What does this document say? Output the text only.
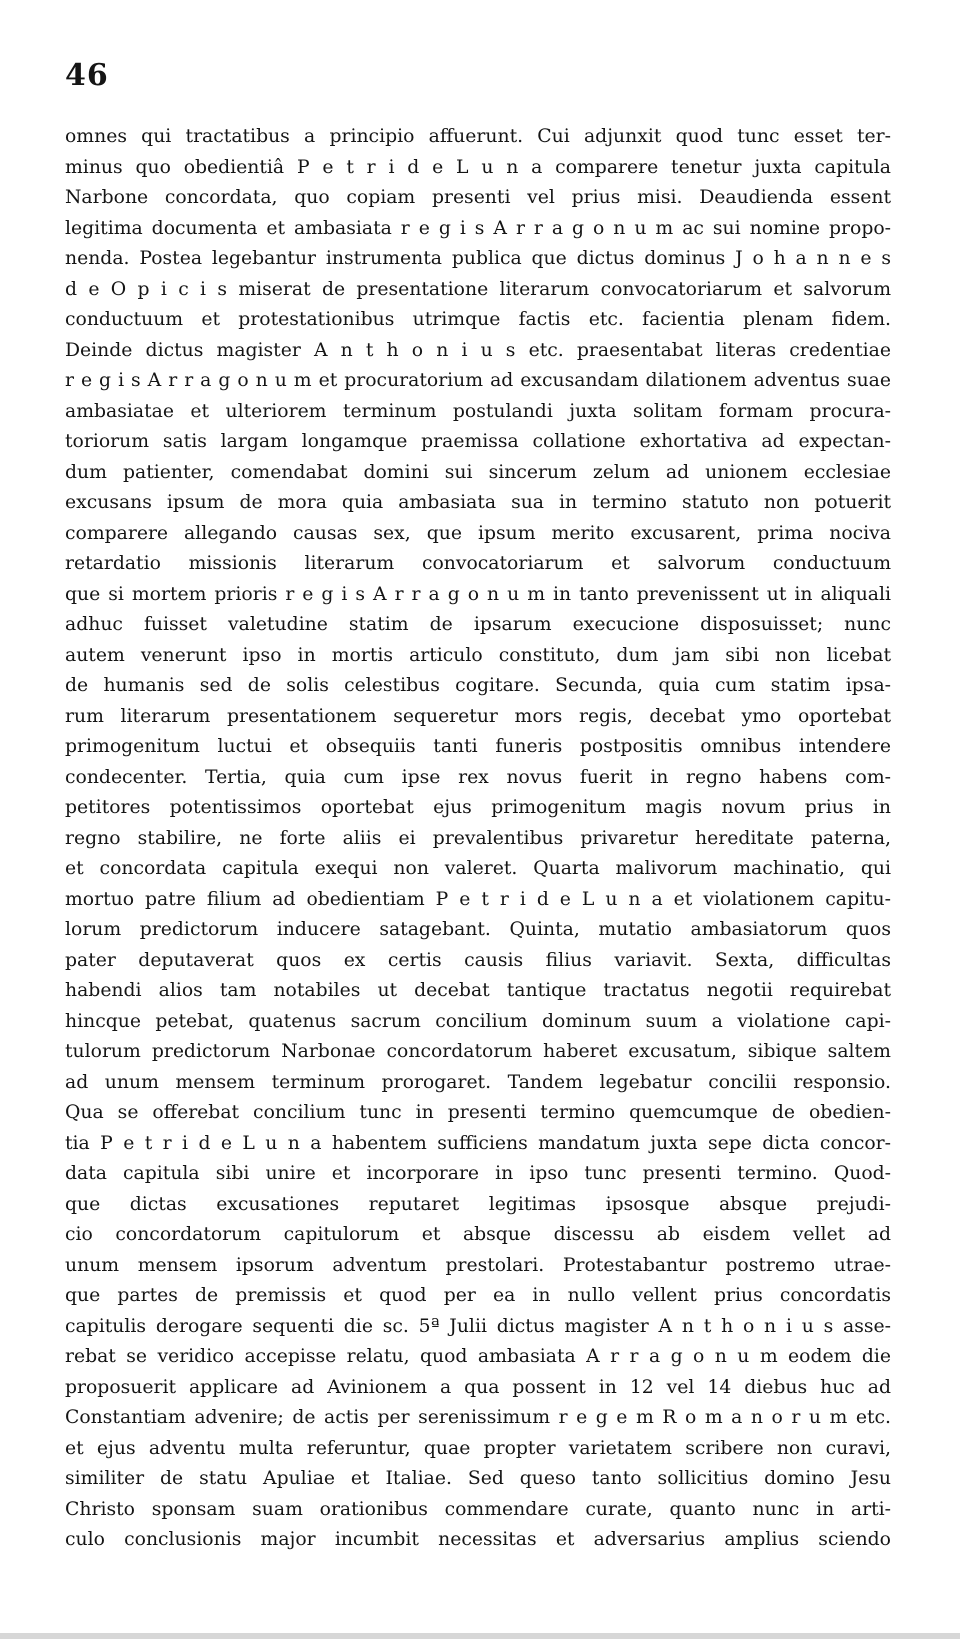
46
omnes qui tractatibus a principio affuerunt. Cui adjunxit quod tunc esset ter-
minus quo obedientiâ P e t r i d e L u n a comparere tenetur juxta capitula
Narbone concordata, quo copiam presenti vel prius misi. Deaudienda essent
legitima documenta et ambasiata r e g i s A r r a g o n u m ac sui nomine propo-
nenda. Postea legebantur instrumenta publica que dictus dominus J o h a n n e s
d e O p i c i s miserat de presentatione literarum convocatoriarum et salvorum
conductuum et protestationibus utrimque factis etc. facientia plenam fidem.
Deinde dictus magister A n t h o n i u s etc. praesentabat literas credentiae
r e g i s A r r a g o n u m et procuratorium ad excusandam dilationem adventus suae
ambasiatae et ulteriorem terminum postulandi juxta solitam formam procura-
toriorum satis largam longamque praemissa collatione exhortativa ad expectan-
dum patienter, comendabat domini sui sincerum zelum ad unionem ecclesiae
excusans ipsum de mora quia ambasiata sua in termino statuto non potuerit
comparere allegando causas sex, que ipsum merito excusarent, prima nociva
retardatio missionis literarum convocatoriarum et salvorum conductuum
que si mortem prioris r e g i s A r r a g o n u m in tanto prevenissent ut in aliquali
adhuc fuisset valetudine statim de ipsarum execucione disposuisset; nunc
autem venerunt ipso in mortis articulo constituto, dum jam sibi non licebat
de humanis sed de solis celestibus cogitare. Secunda, quia cum statim ipsa-
rum literarum presentationem sequeretur mors regis, decebat ymo oportebat
primogenitum luctui et obsequiis tanti funeris postpositis omnibus intendere
condecenter. Tertia, quia cum ipse rex novus fuerit in regno habens com-
petitores potentissimos oportebat ejus primogenitum magis novum prius in
regno stabilire, ne forte aliis ei prevalentibus privaretur hereditate paterna,
et concordata capitula exequi non valeret. Quarta malivorum machinatio, qui
mortuo patre filium ad obedientiam P e t r i d e L u n a et violationem capitu-
lorum predictorum inducere satagebant. Quinta, mutatio ambasiatorum quos
pater deputaverat quos ex certis causis filius variavit. Sexta, difficultas
habendi alios tam notabiles ut decebat tantique tractatus negotii requirebat
hincque petebat, quatenus sacrum concilium dominum suum a violatione capi-
tulorum predictorum Narbonae concordatorum haberet excusatum, sibique saltem
ad unum mensem terminum prorogaret. Tandem legebatur concilii responsio.
Qua se offerebat concilium tunc in presenti termino quemcumque de obedien-
tia P e t r i d e L u n a habentem sufficiens mandatum juxta sepe dicta concor-
data capitula sibi unire et incorporare in ipso tunc presenti termino. Quod-
que dictas excusationes reputaret legitimas ipsosque absque prejudi-
cio concordatorum capitulorum et absque discessu ab eisdem vellet ad
unum mensem ipsorum adventum prestolari. Protestabantur postremo utrae-
que partes de premissis et quod per ea in nullo vellent prius concordatis
capitulis derogare sequenti die sc. 5ª Julii dictus magister A n t h o n i u s asse-
rebat se veridico accepisse relatu, quod ambasiata A r r a g o n u m eodem die
proposuerit applicare ad Avinionem a qua possent in 12 vel 14 diebus huc ad
Constantiam advenire; de actis per serenissimum r e g e m R o m a n o r u m etc.
et ejus adventu multa referuntur, quae propter varietatem scribere non curavi,
similiter de statu Apuliae et Italiae. Sed queso tanto sollicitius domino Jesu
Christo sponsam suam orationibus commendare curate, quanto nunc in arti-
culo conclusionis major incumbit necessitas et adversarius amplius sciendo
